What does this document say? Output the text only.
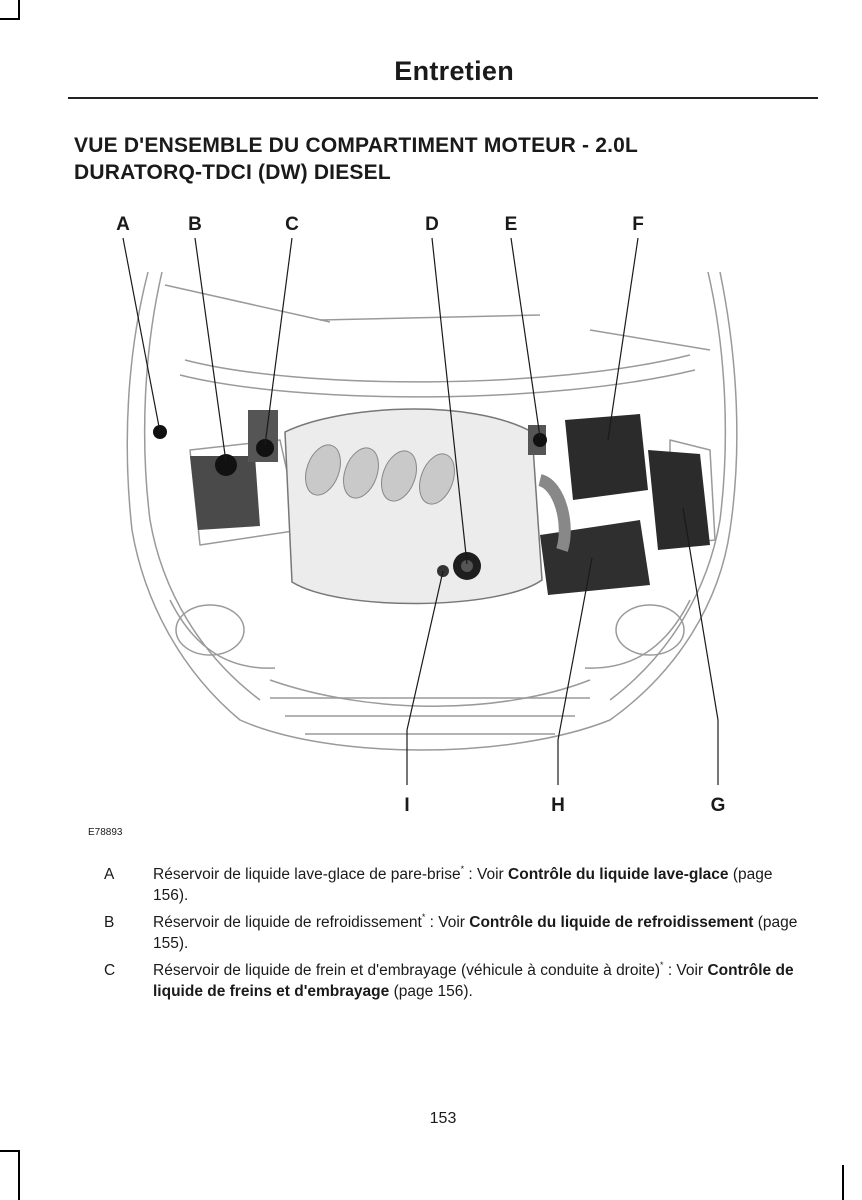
Entretien
VUE D'ENSEMBLE DU COMPARTIMENT MOTEUR - 2.0L
DURATORQ-TDCI (DW) DIESEL
A	B	C	D	E	F
I	H	G
E78893
A Réservoir de liquide lave-glace de pare-brise* : Voir Contrôle du liquide lave-glace (page 156).
B Réservoir de liquide de refroidissement* : Voir Contrôle du liquide de refroidissement (page 155).
C Réservoir de liquide de frein et d'embrayage (véhicule à conduite à droite)* : Voir Contrôle de liquide de freins et d'embrayage (page 156).
153
